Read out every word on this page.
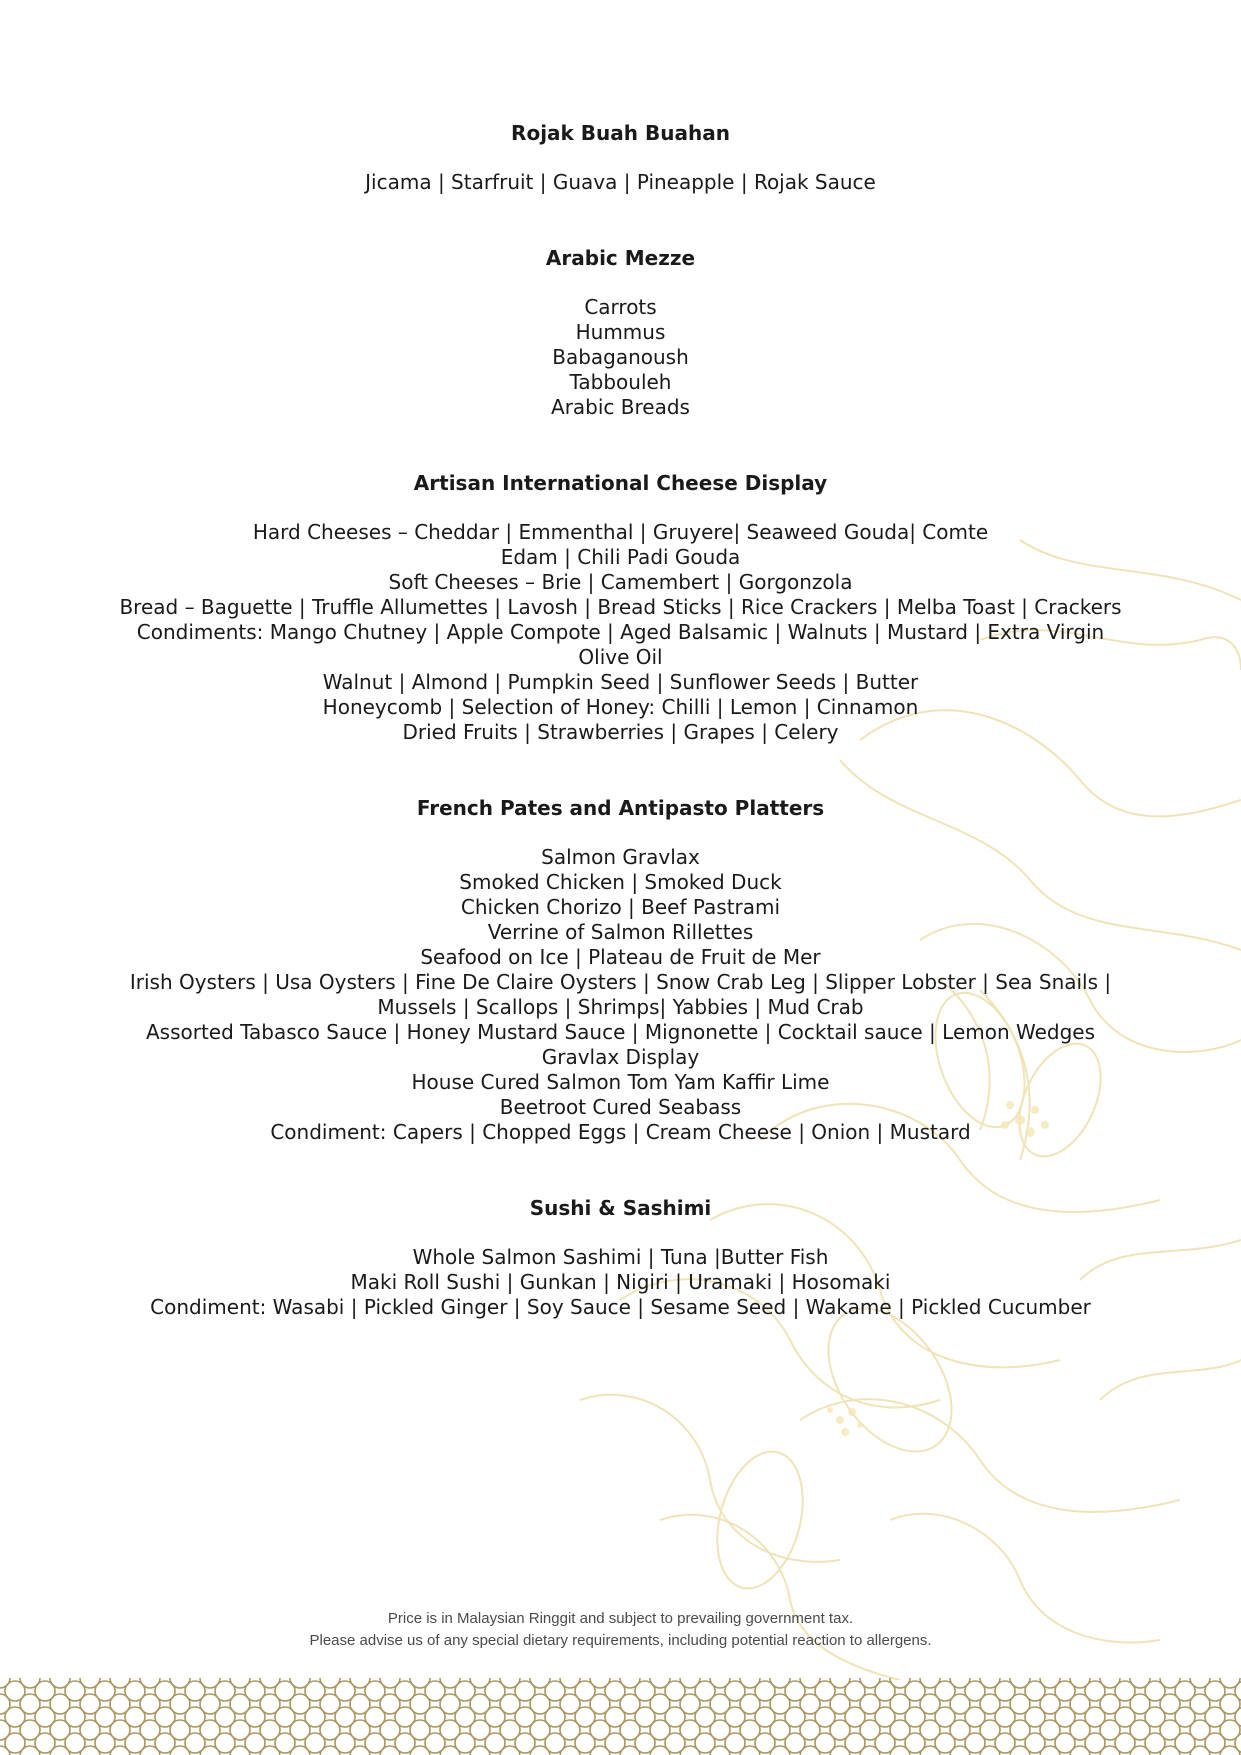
Rojak Buah Buahan

Jicama | Starfruit | Guava | Pineapple | Rojak Sauce

Arabic Mezze

Carrots

Hummus

Babaganoush

Tabbouleh

Arabic Breads

Artisan International Cheese Display

Hard Cheeses – Cheddar | Emmenthal | Gruyere| Seaweed Gouda| Comte

Edam | Chili Padi Gouda

Soft Cheeses – Brie | Camembert | Gorgonzola

Bread – Baguette | Truffle Allumettes | Lavosh | Bread Sticks | Rice Crackers | Melba Toast | Crackers

Condiments: Mango Chutney | Apple Compote | Aged Balsamic | Walnuts | Mustard | Extra Virgin

Olive Oil

Walnut | Almond | Pumpkin Seed | Sunflower Seeds | Butter

Honeycomb | Selection of Honey: Chilli | Lemon | Cinnamon

Dried Fruits | Strawberries | Grapes | Celery

French Pates and Antipasto Platters

Salmon Gravlax

Smoked Chicken | Smoked Duck

Chicken Chorizo | Beef Pastrami

Verrine of Salmon Rillettes

Seafood on Ice | Plateau de Fruit de Mer

Irish Oysters | Usa Oysters | Fine De Claire Oysters | Snow Crab Leg | Slipper Lobster | Sea Snails |

Mussels | Scallops | Shrimps| Yabbies | Mud Crab

Assorted Tabasco Sauce | Honey Mustard Sauce | Mignonette | Cocktail sauce | Lemon Wedges

Gravlax Display

House Cured Salmon Tom Yam Kaffir Lime

Beetroot Cured Seabass

Condiment: Capers | Chopped Eggs | Cream Cheese | Onion | Mustard

Sushi & Sashimi

Whole Salmon Sashimi | Tuna |Butter Fish

Maki Roll Sushi | Gunkan | Nigiri | Uramaki | Hosomaki

Condiment: Wasabi | Pickled Ginger | Soy Sauce | Sesame Seed | Wakame | Pickled Cucumber

Price is in Malaysian Ringgit and subject to prevailing government tax.
Please advise us of any special dietary requirements, including potential reaction to allergens.
